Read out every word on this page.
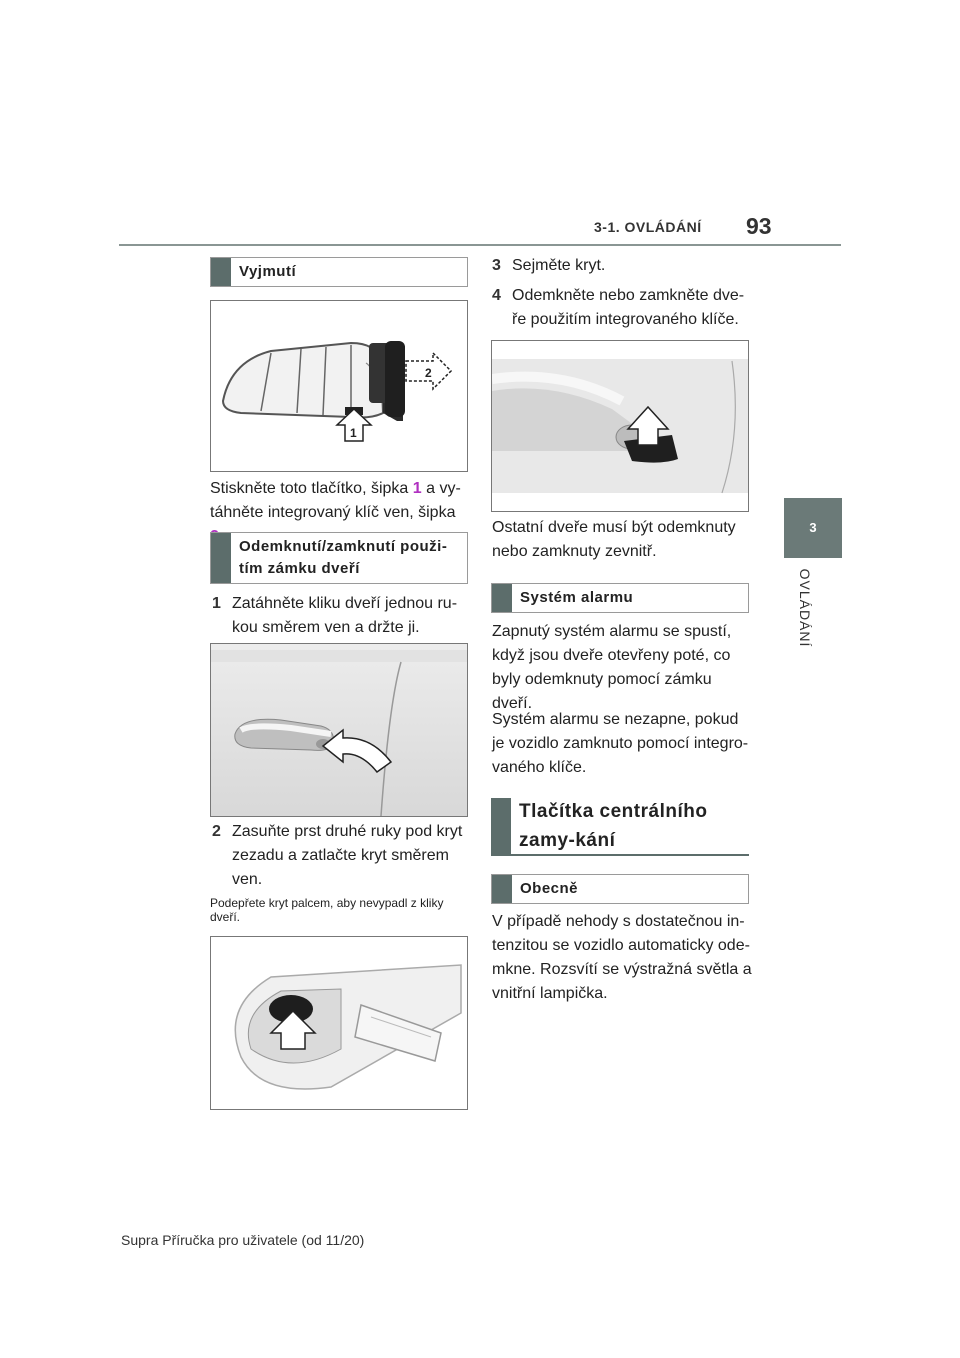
3-1. OVLÁDÁNÍ 93
3
OVLÁDÁNÍ
Vyjmutí
2
1
Stiskněte toto tlačítko, šipka 1 a vy-táhněte integrovaný klíč ven, šipka
Odemknutí/zamknutí použi-tím zámku dveří
1 Zatáhněte kliku dveří jednou ru-kou směrem ven a držte ji.
2 Zasuňte prst druhé ruky pod kryt zezadu a zatlačte kryt směrem ven.
Podepřete kryt palcem, aby nevypadl z kliky dveří.
3 Sejměte kryt.
4 Odemkněte nebo zamkněte dve-ře použitím integrovaného klíče.
Ostatní dveře musí být odemknuty nebo zamknuty zevnitř.
Systém alarmu
Zapnutý systém alarmu se spustí, když jsou dveře otevřeny poté, co byly odemknuty pomocí zámku dveří.
Systém alarmu se nezapne, pokud je vozidlo zamknuto pomocí integro-vaného klíče.
Tlačítka centrálního zamy-kání
Obecně
V případě nehody s dostatečnou in-tenzitou se vozidlo automaticky ode-mkne. Rozsvítí se výstražná světla a vnitřní lampička.
Supra Příručka pro uživatele (od 11/20)
